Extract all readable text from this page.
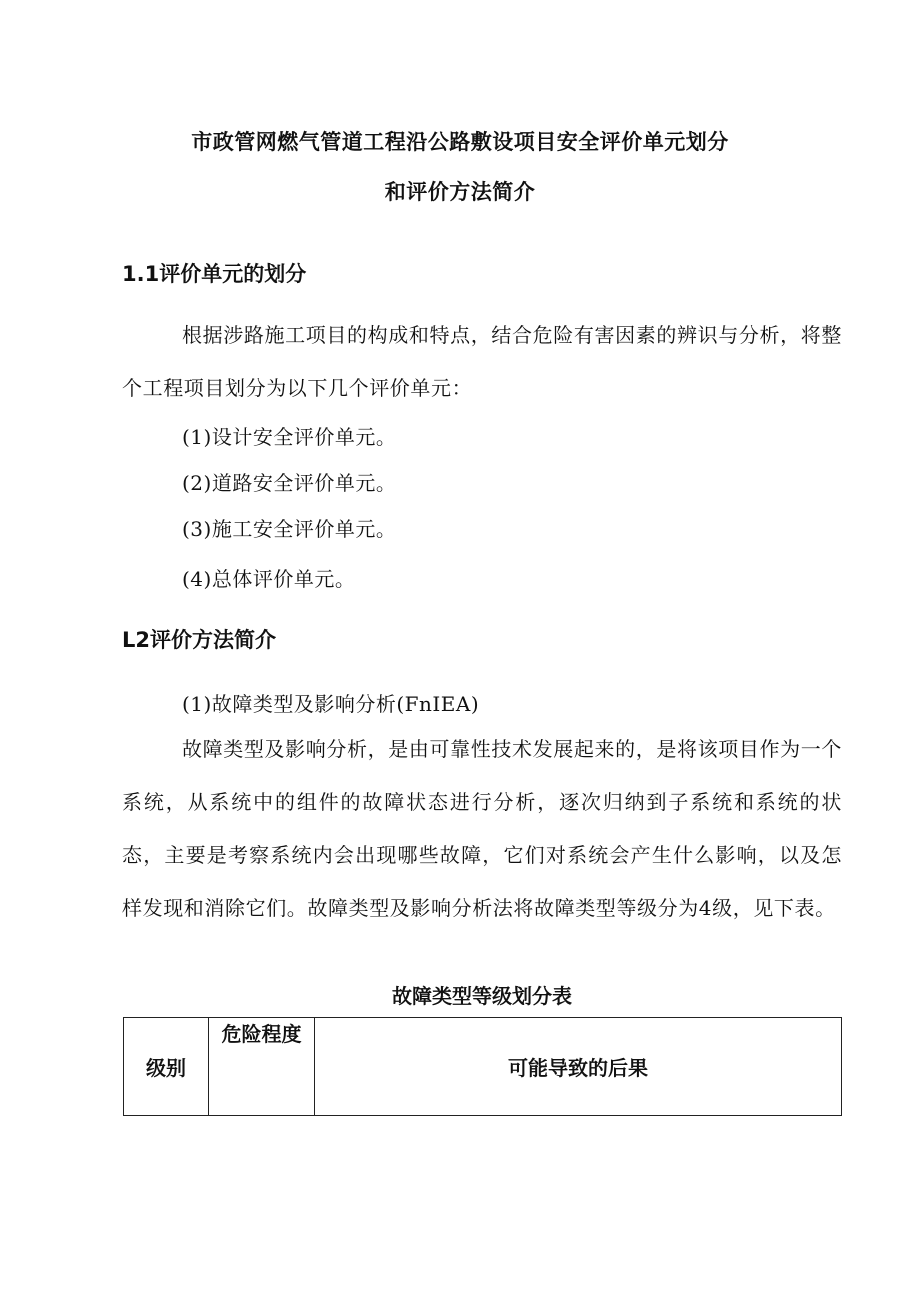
市政管网燃气管道工程沿公路敷设项目安全评价单元划分
和评价方法简介
1.1评价单元的划分
根据涉路施工项目的构成和特点，结合危险有害因素的辨识与分析，将整个工程项目划分为以下几个评价单元：
(1)设计安全评价单元。
(2)道路安全评价单元。
(3)施工安全评价单元。
(4)总体评价单元。
L2评价方法简介
(1)故障类型及影响分析(FnIEA)
故障类型及影响分析，是由可靠性技术发展起来的，是将该项目作为一个系统，从系统中的组件的故障状态进行分析，逐次归纳到子系统和系统的状态，主要是考察系统内会出现哪些故障，它们对系统会产生什么影响，以及怎样发现和消除它们。故障类型及影响分析法将故障类型等级分为4级，见下表。
故障类型等级划分表
级别	危险程度	可能导致的后果
